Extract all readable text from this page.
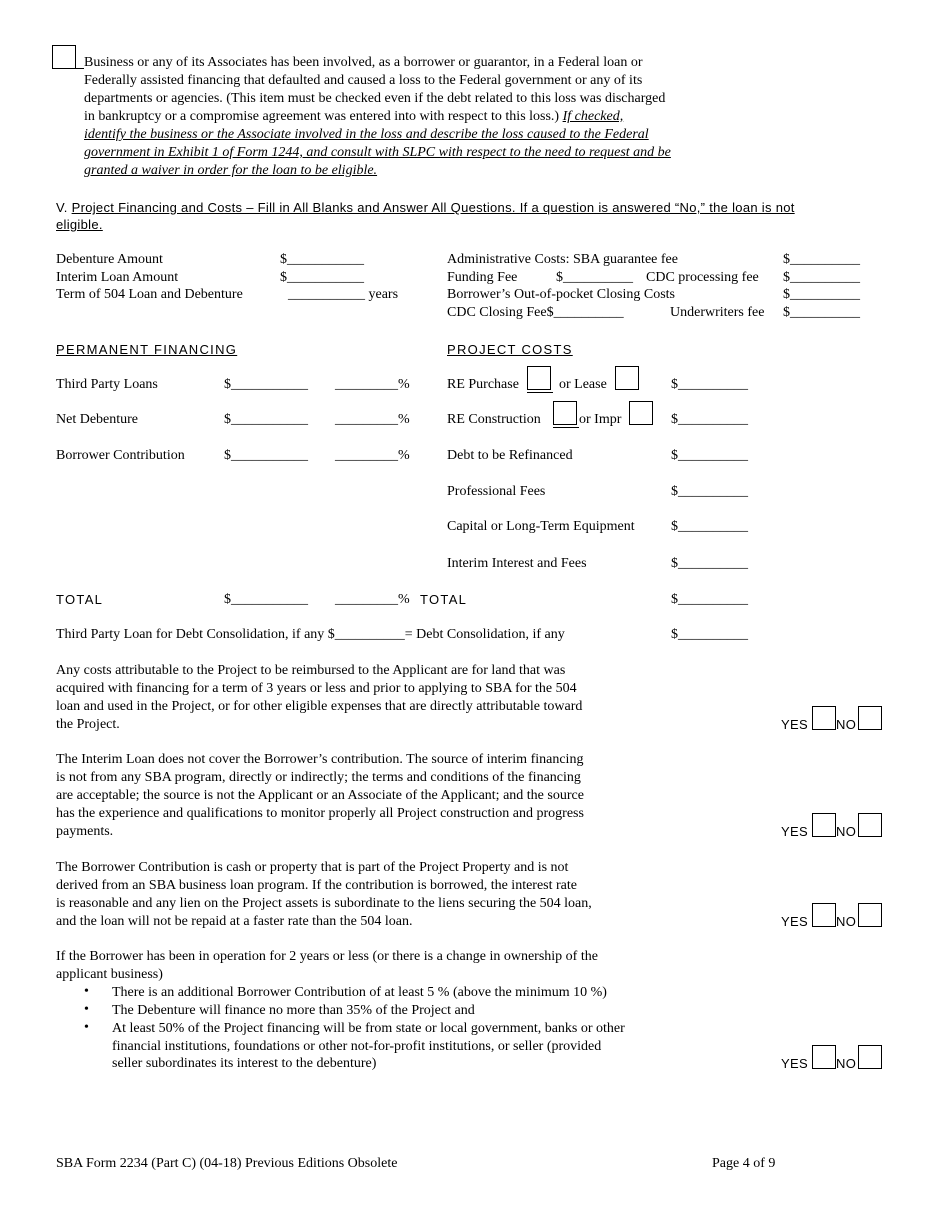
Business or any of its Associates has been involved, as a borrower or guarantor, in a Federal loan or
Federally assisted financing that defaulted and caused a loss to the Federal government or any of its
departments or agencies. (This item must be checked even if the debt related to this loss was discharged
in bankruptcy or a compromise agreement was entered into with respect to this loss.) If checked,
identify the business or the Associate involved in the loss and describe the loss caused to the Federal
government in Exhibit 1 of Form 1244, and consult with SLPC with respect to the need to request and be
granted a waiver in order for the loan to be eligible.
V. Project Financing and Costs – Fill in All Blanks and Answer All Questions. If a question is answered “No,” the loan is not
eligible.
Debenture Amount	$___________
Interim Loan Amount	$___________
Term of 504 Loan and Debenture	___________ years
Administrative Costs: SBA guarantee fee	$__________
Funding Fee	$__________ CDC processing fee $__________
Borrower’s Out-of-pocket Closing Costs	$__________
CDC Closing Fee$__________	Underwriters fee $__________
PERMANENT FINANCING	PROJECT COSTS
Third Party Loans	$___________ _________%
Net Debenture	$___________ _________%
Borrower Contribution	$___________ _________%
RE Purchase	or Lease	$__________
RE Construction	or Impr	$__________
Debt to be Refinanced	$__________
Professional Fees	$__________
Capital or Long-Term Equipment	$__________
Interim Interest and Fees	$__________
TOTAL	$___________ _________% TOTAL	$__________
Third Party Loan for Debt Consolidation, if any $__________= Debt Consolidation, if any	$__________
Any costs attributable to the Project to be reimbursed to the Applicant are for land that was
acquired with financing for a term of 3 years or less and prior to applying to SBA for the 504
loan and used in the Project, or for other eligible expenses that are directly attributable toward
the Project.	YES NO
The Interim Loan does not cover the Borrower’s contribution. The source of interim financing
is not from any SBA program, directly or indirectly; the terms and conditions of the financing
are acceptable; the source is not the Applicant or an Associate of the Applicant; and the source
has the experience and qualifications to monitor properly all Project construction and progress
payments.	YES NO
The Borrower Contribution is cash or property that is part of the Project Property and is not
derived from an SBA business loan program. If the contribution is borrowed, the interest rate
is reasonable and any lien on the Project assets is subordinate to the liens securing the 504 loan,
and the loan will not be repaid at a faster rate than the 504 loan.	YES NO
If the Borrower has been in operation for 2 years or less (or there is a change in ownership of the
applicant business)
• There is an additional Borrower Contribution of at least 5 % (above the minimum 10 %)
• The Debenture will finance no more than 35% of the Project and
• At least 50% of the Project financing will be from state or local government, banks or other
financial institutions, foundations or other not-for-profit institutions, or seller (provided
seller subordinates its interest to the debenture)	YES NO
SBA Form 2234 (Part C) (04-18) Previous Editions Obsolete	Page 4 of 9
